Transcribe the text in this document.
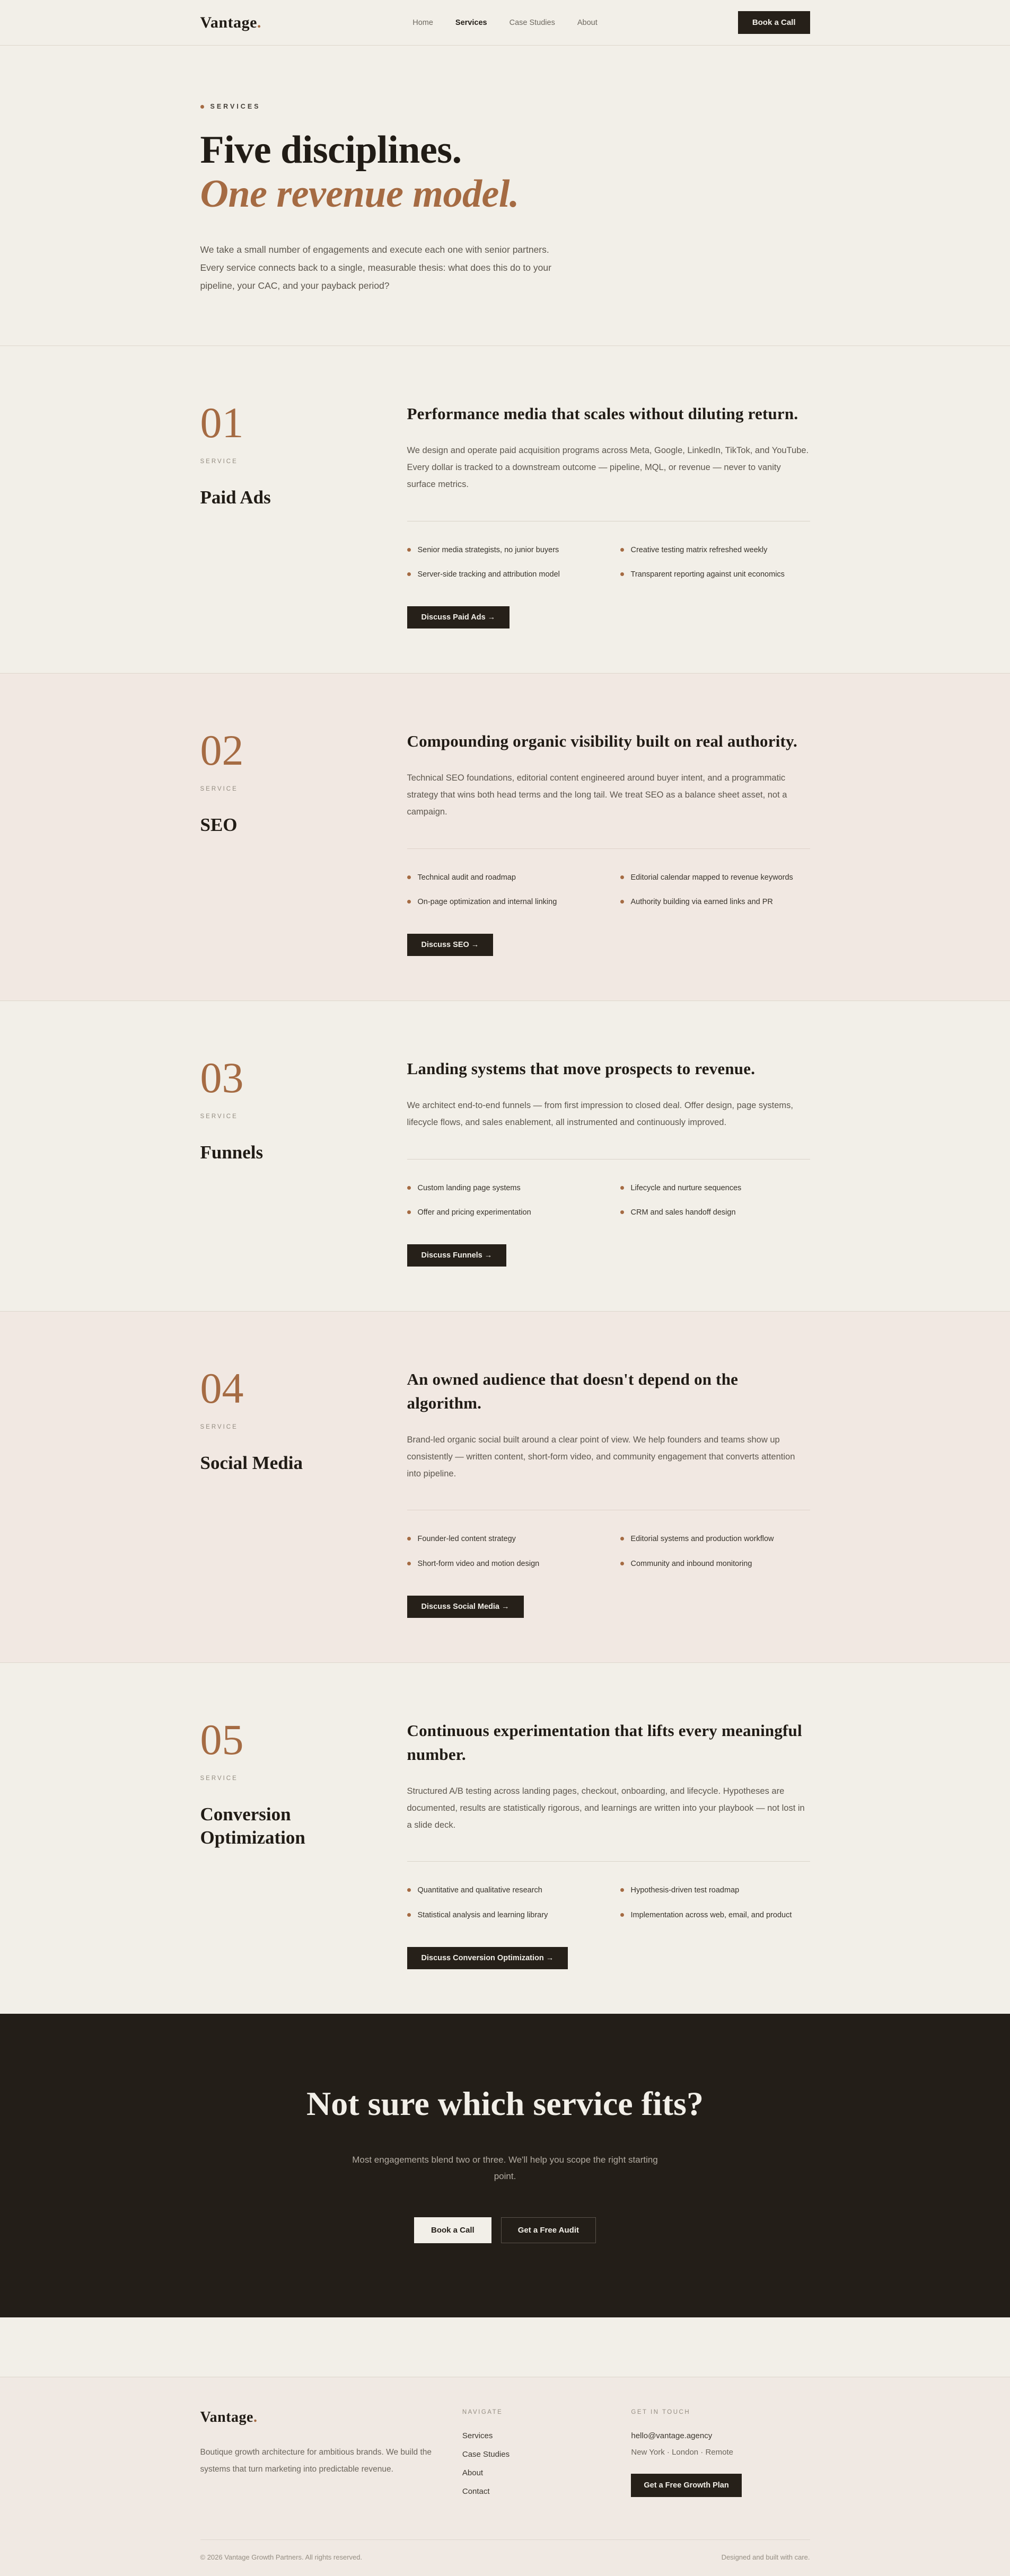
Vantage.	Home	Services	Case Studies	About	Book a Call
SERVICES
Five disciplines.
One revenue model.

We take a small number of engagements and execute each one with senior partners. Every service connects back to a single, measurable thesis: what does this do to your pipeline, your CAC, and your payback period?

01
SERVICE
Paid Ads
Performance media that scales without diluting return.

We design and operate paid acquisition programs across Meta, Google, LinkedIn, TikTok, and YouTube. Every dollar is tracked to a downstream outcome — pipeline, MQL, or revenue — never to vanity surface metrics.

Senior media strategists, no junior buyers	Creative testing matrix refreshed weekly
Server-side tracking and attribution model	Transparent reporting against unit economics
Discuss Paid Ads →
02
SERVICE
SEO
Compounding organic visibility built on real authority.

Technical SEO foundations, editorial content engineered around buyer intent, and a programmatic strategy that wins both head terms and the long tail. We treat SEO as a balance sheet asset, not a campaign.

Technical audit and roadmap	Editorial calendar mapped to revenue keywords
On-page optimization and internal linking	Authority building via earned links and PR
Discuss SEO →
03
SERVICE
Funnels
Landing systems that move prospects to revenue.

We architect end-to-end funnels — from first impression to closed deal. Offer design, page systems, lifecycle flows, and sales enablement, all instrumented and continuously improved.

Custom landing page systems	Lifecycle and nurture sequences
Offer and pricing experimentation	CRM and sales handoff design
Discuss Funnels →
04
SERVICE
Social Media
An owned audience that doesn't depend on the algorithm.

Brand-led organic social built around a clear point of view. We help founders and teams show up consistently — written content, short-form video, and community engagement that converts attention into pipeline.

Founder-led content strategy	Editorial systems and production workflow
Short-form video and motion design	Community and inbound monitoring
Discuss Social Media →
05
SERVICE
Conversion Optimization
Continuous experimentation that lifts every meaningful number.

Structured A/B testing across landing pages, checkout, onboarding, and lifecycle. Hypotheses are documented, results are statistically rigorous, and learnings are written into your playbook — not lost in a slide deck.

Quantitative and qualitative research	Hypothesis-driven test roadmap
Statistical analysis and learning library	Implementation across web, email, and product
Discuss Conversion Optimization →
Not sure which service fits?

Most engagements blend two or three. We'll help you scope the right starting point.

Book a Call	Get a Free Audit
Vantage.

Boutique growth architecture for ambitious brands. We build the systems that turn marketing into predictable revenue.

NAVIGATE
Services
Case Studies
About
Contact
GET IN TOUCH
hello@vantage.agency
New York · London · Remote
Get a Free Growth Plan
© 2026 Vantage Growth Partners. All rights reserved.	Designed and built with care.
